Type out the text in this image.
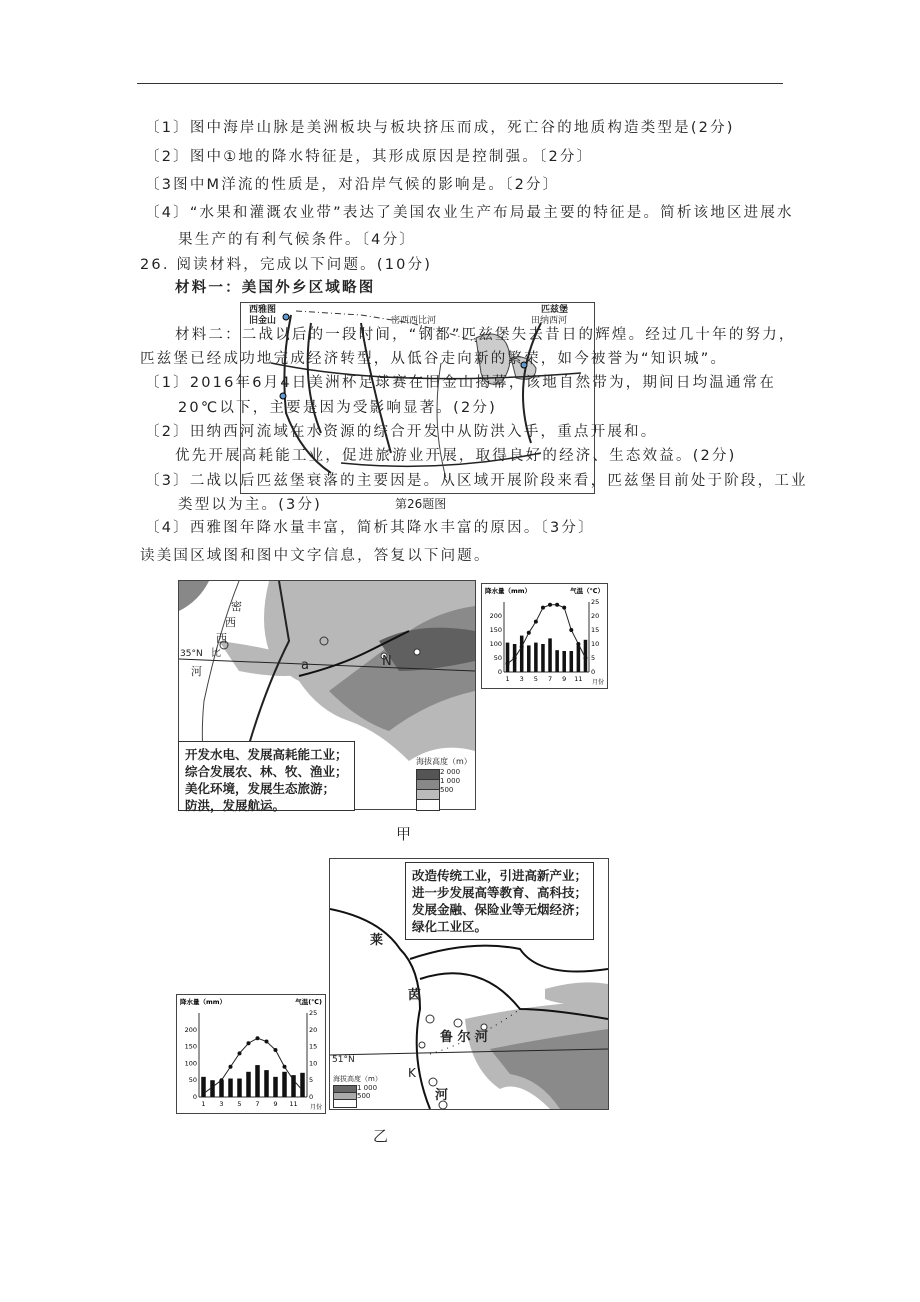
〔1〕图中海岸山脉是美洲板块与板块挤压而成，死亡谷的地质构造类型是(2分)
〔2〕图中①地的降水特征是，其形成原因是控制强。〔2分〕
〔3图中M洋流的性质是，对沿岸气候的影响是。〔2分〕
〔4〕“水果和灌溉农业带”表达了美国农业生产布局最主要的特征是。简析该地区进展水
果生产的有利气候条件。〔4分〕
26. 阅读材料，完成以下问题。(10分)
材料一：美国外乡区域略图
西雅图
旧金山
匹兹堡
田纳西河
密西西比河
第26题图
材料二：二战以后的一段时间，“钢都”匹兹堡失去昔日的辉煌。经过几十年的努力，
匹兹堡已经成功地完成经济转型，从低谷走向新的繁荣，如今被誉为“知识城”。
〔1〕2016年6月4日美洲杯足球赛在旧金山揭幕，该地自然带为，期间日均温通常在
20℃以下，主要是因为受影响显著。(2分)
〔2〕田纳西河流域在水资源的综合开发中从防洪入手，重点开展和。
优先开展高耗能工业，促进旅游业开展，取得良好的经济、生态效益。(2分)
〔3〕二战以后匹兹堡衰落的主要因是。从区域开展阶段来看，匹兹堡目前处于阶段，工业
类型以为主。(3分)
〔4〕西雅图年降水量丰富，简析其降水丰富的原因。〔3分〕
读美国区域图和图中文字信息，答复以下问题。
密
西
西
35°N 比
河	a	N
开发水电、发展高耗能工业；
综合发展农、林、牧、渔业；
美化环境，发展生态旅游；
防洪，发展航运。
海拔高度（m）
2 000
1 000
500
降水量（mm）	气温（℃）
月份
0
50
100
150
200
0
5
10
15
20
25
1 3 5 7 9 11
甲
莱
茵
河
鲁 尔 河
51°N
K
改造传统工业，引进高新产业；
进一步发展高等教育、高科技；
发展金融、保险业等无烟经济；
绿化工业区。
海拔高度（m）
1 000
500
降水量（mm）	气温(℃)
月份
0
50
100
150
200
0
5
10
15
20
25
1 3 5 7 9 11
乙
